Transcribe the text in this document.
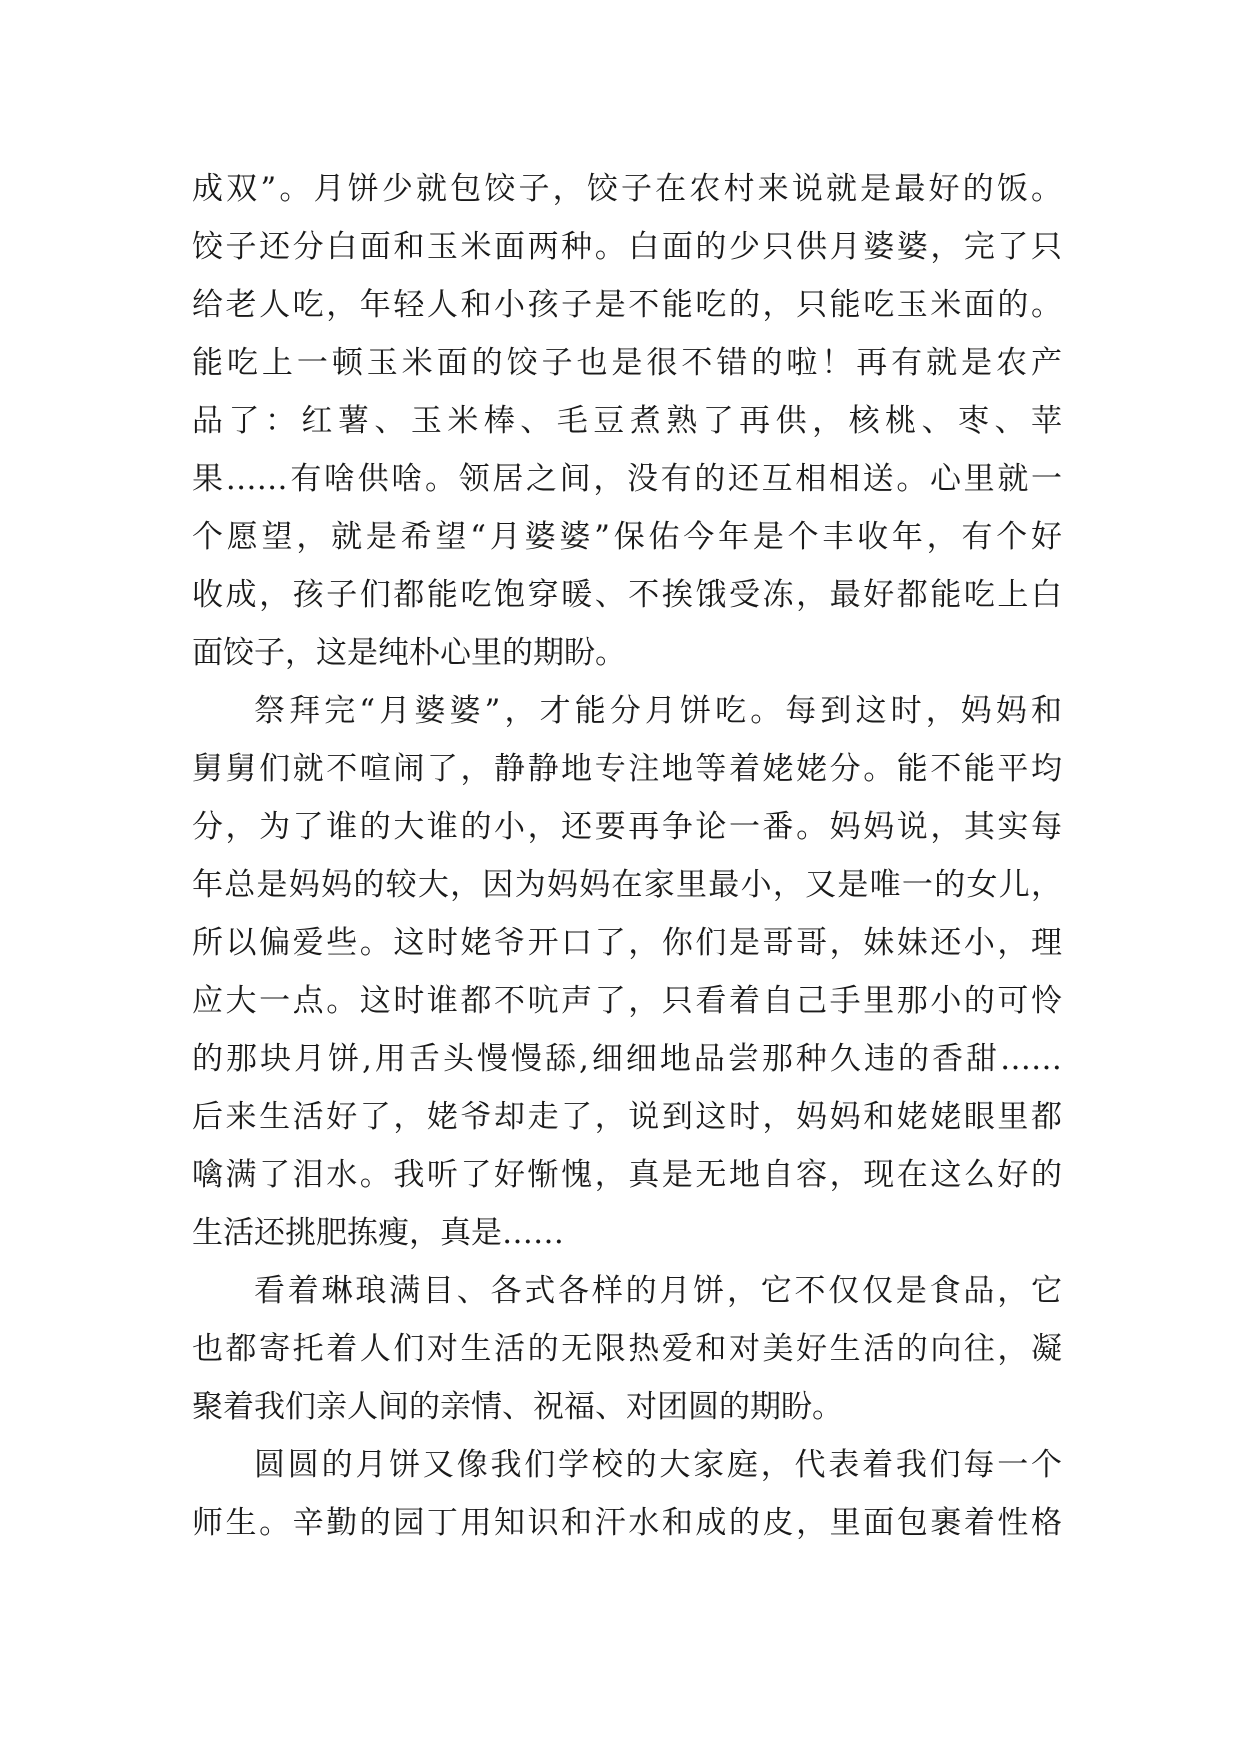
成双”。月饼少就包饺子，饺子在农村来说就是最好的饭。
饺子还分白面和玉米面两种。白面的少只供月婆婆，完了只
给老人吃，年轻人和小孩子是不能吃的，只能吃玉米面的。
能吃上一顿玉米面的饺子也是很不错的啦！再有就是农产
品了：红薯、玉米棒、毛豆煮熟了再供，核桃、枣、苹
果……有啥供啥。领居之间，没有的还互相相送。心里就一
个愿望，就是希望“月婆婆”保佑今年是个丰收年，有个好
收成，孩子们都能吃饱穿暖、不挨饿受冻，最好都能吃上白
面饺子，这是纯朴心里的期盼。
祭拜完“月婆婆”，才能分月饼吃。每到这时，妈妈和
舅舅们就不喧闹了，静静地专注地等着姥姥分。能不能平均
分，为了谁的大谁的小，还要再争论一番。妈妈说，其实每
年总是妈妈的较大，因为妈妈在家里最小，又是唯一的女儿，
所以偏爱些。这时姥爷开口了，你们是哥哥，妹妹还小，理
应大一点。这时谁都不吭声了，只看着自己手里那小的可怜
的那块月饼,用舌头慢慢舔,细细地品尝那种久违的香甜……
后来生活好了，姥爷却走了，说到这时，妈妈和姥姥眼里都
噙满了泪水。我听了好惭愧，真是无地自容，现在这么好的
生活还挑肥拣瘦，真是……
看着琳琅满目、各式各样的月饼，它不仅仅是食品，它
也都寄托着人们对生活的无限热爱和对美好生活的向往，凝
聚着我们亲人间的亲情、祝福、对团圆的期盼。
圆圆的月饼又像我们学校的大家庭，代表着我们每一个
师生。辛勤的园丁用知识和汗水和成的皮，里面包裹着性格
